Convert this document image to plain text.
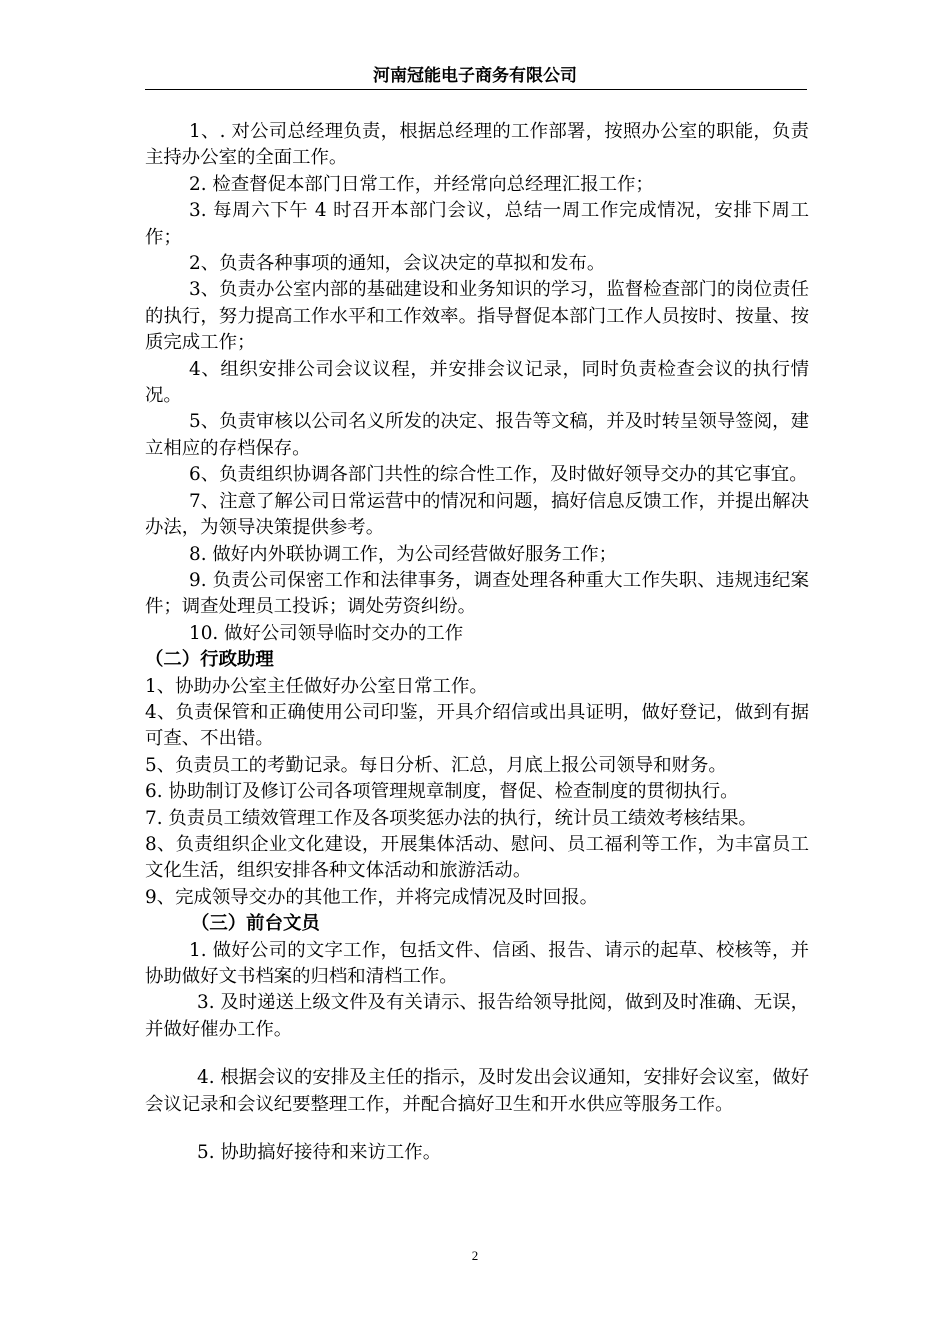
河南冠能电子商务有限公司

1、. 对公司总经理负责，根据总经理的工作部署，按照办公室的职能，负责主持办公室的全面工作。

2. 检查督促本部门日常工作，并经常向总经理汇报工作；

3. 每周六下午 4 时召开本部门会议，总结一周工作完成情况，安排下周工作；

2、负责各种事项的通知，会议决定的草拟和发布。

3、负责办公室内部的基础建设和业务知识的学习，监督检查部门的岗位责任的执行，努力提高工作水平和工作效率。指导督促本部门工作人员按时、按量、按质完成工作；

4、组织安排公司会议议程，并安排会议记录，同时负责检查会议的执行情况。

5、负责审核以公司名义所发的决定、报告等文稿，并及时转呈领导签阅，建立相应的存档保存。

6、负责组织协调各部门共性的综合性工作，及时做好领导交办的其它事宜。

7、注意了解公司日常运营中的情况和问题，搞好信息反馈工作，并提出解决办法，为领导决策提供参考。

8. 做好内外联协调工作，为公司经营做好服务工作；

9. 负责公司保密工作和法律事务，调查处理各种重大工作失职、违规违纪案件；调查处理员工投诉；调处劳资纠纷。

10. 做好公司领导临时交办的工作

（二）行政助理

1、协助办公室主任做好办公室日常工作。

4、负责保管和正确使用公司印鉴，开具介绍信或出具证明，做好登记，做到有据可查、不出错。

5、负责员工的考勤记录。每日分析、汇总，月底上报公司领导和财务。

6. 协助制订及修订公司各项管理规章制度，督促、检查制度的贯彻执行。

7. 负责员工绩效管理工作及各项奖惩办法的执行，统计员工绩效考核结果。

8、负责组织企业文化建设，开展集体活动、慰问、员工福利等工作，为丰富员工文化生活，组织安排各种文体活动和旅游活动。

9、完成领导交办的其他工作，并将完成情况及时回报。

（三）前台文员

1. 做好公司的文字工作，包括文件、信函、报告、请示的起草、校核等，并协助做好文书档案的归档和清档工作。

3. 及时递送上级文件及有关请示、报告给领导批阅，做到及时准确、无误，并做好催办工作。

4. 根据会议的安排及主任的指示，及时发出会议通知，安排好会议室，做好会议记录和会议纪要整理工作，并配合搞好卫生和开水供应等服务工作。

5. 协助搞好接待和来访工作。

2
